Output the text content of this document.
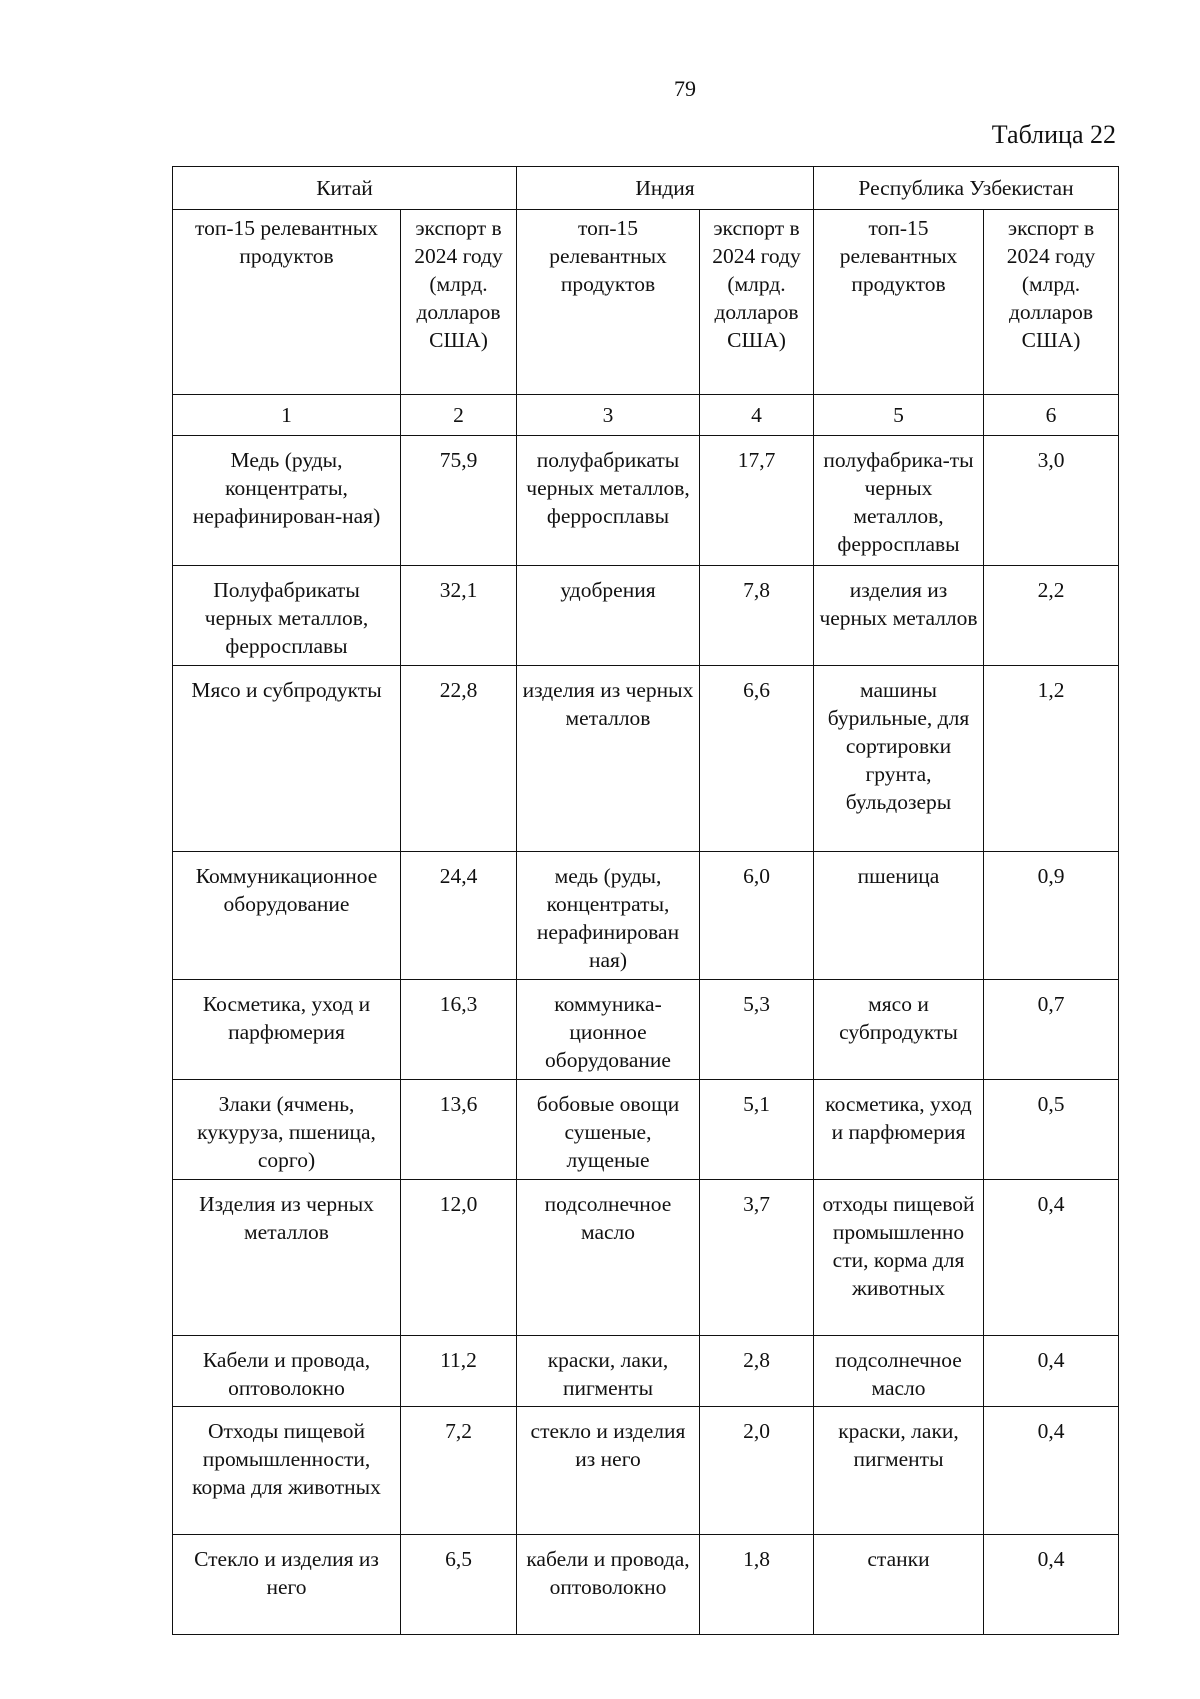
79
Таблица 22
Китай		Индия		Республика Узбекистан	
топ-15 релевантных продуктов	экспорт в 2024 году (млрд. долларов США)	топ-15 релевантных продуктов	экспорт в 2024 году (млрд. долларов США)	топ-15 релевантных продуктов	экспорт в 2024 году (млрд. долларов США)
1	2	3	4	5	6
Медь (руды, концентраты, нерафинирован-ная)	75,9	полуфабрикаты черных металлов, ферросплавы	17,7	полуфабрика-ты черных металлов, ферросплавы	3,0
Полуфабрикаты черных металлов, ферросплавы	32,1	удобрения	7,8	изделия из черных металлов	2,2
Мясо и субпродукты	22,8	изделия из черных металлов	6,6	машины бурильные, для сортировки грунта, бульдозеры	1,2
Коммуникационное оборудование	24,4	медь (руды, концентраты, нерафинирован ная)	6,0	пшеница	0,9
Косметика, уход и парфюмерия	16,3	коммуника-ционное оборудование	5,3	мясо и субпродукты	0,7
Злаки (ячмень, кукуруза, пшеница, сорго)	13,6	бобовые овощи сушеные, лущеные	5,1	косметика, уход и парфюмерия	0,5
Изделия из черных металлов	12,0	подсолнечное масло	3,7	отходы пищевой промышленно сти, корма для животных	0,4
Кабели и провода, оптоволокно	11,2	краски, лаки, пигменты	2,8	подсолнечное масло	0,4
Отходы пищевой промышленности, корма для животных	7,2	стекло и изделия из него	2,0	краски, лаки, пигменты	0,4
Стекло и изделия из него	6,5	кабели и провода, оптоволокно	1,8	станки	0,4
